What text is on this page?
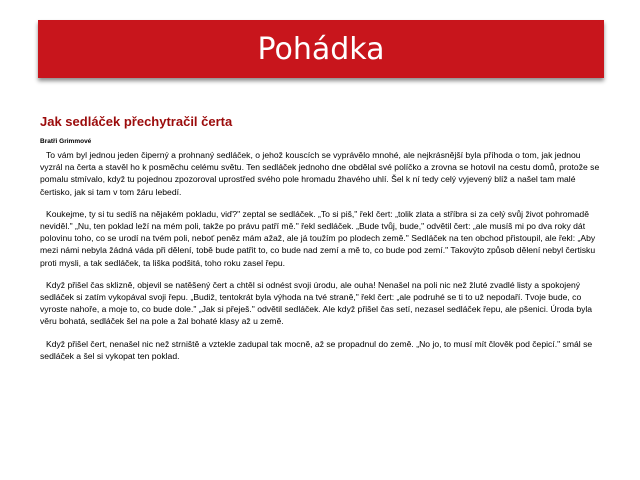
Pohádka
Jak sedláček přechytračil čerta
Bratři Grimmové

To vám byl jednou jeden čiperný a prohnaný sedláček, o jehož kouscích se vyprávělo mnohé, ale nejkrásnější byla příhoda o tom, jak jednou vyzrál na čerta a stavěl ho k posměchu celému světu. Ten sedláček jednoho dne obdělal své políčko a zrovna se hotovil na cestu domů, protože se pomalu stmívalo, když tu pojednou zpozoroval uprostřed svého pole hromadu žhavého uhlí. Šel k ní tedy celý vyjevený blíž a našel tam malé čertisko, jak si tam v tom žáru lebedí.

Koukejme, ty si tu sedíš na nějakém pokladu, viď?" zeptal se sedláček. „To si piš," řekl čert: „tolik zlata a stříbra si za celý svůj život pohromadě neviděl." „Nu, ten poklad leží na mém poli, takže po právu patří mě." řekl sedláček. „Bude tvůj, bude," odvětil čert: „ale musíš mi po dva roky dát polovinu toho, co se urodí na tvém poli, neboť peněz mám ažaž, ale já toužím po plodech země." Sedláček na ten obchod přistoupil, ale řekl: „Aby mezi námi nebyla žádná váda při dělení, tobě bude patřit to, co bude nad zemí a mě to, co bude pod zemí." Takovýto způsob dělení nebyl čertisku proti mysli, a tak sedláček, ta liška podšitá, toho roku zasel řepu.

Když přišel čas sklizně, objevil se natěšený čert a chtěl si odnést svoji úrodu, ale ouha! Nenašel na poli nic než žluté zvadlé listy a spokojený sedláček si zatím vykopával svoji řepu. „Budiž, tentokrát byla výhoda na tvé straně," řekl čert: „ale podruhé se ti to už nepodaří. Tvoje bude, co vyroste nahoře, a moje to, co bude dole." „Jak si přeješ." odvětil sedláček. Ale když přišel čas setí, nezasel sedláček řepu, ale pšenici. Úroda byla věru bohatá, sedláček šel na pole a žal bohaté klasy až u země.

Když přišel čert, nenašel nic než strniště a vztekle zadupal tak mocně, až se propadnul do země. „No jo, to musí mít člověk pod čepicí." smál se sedláček a šel si vykopat ten poklad.
